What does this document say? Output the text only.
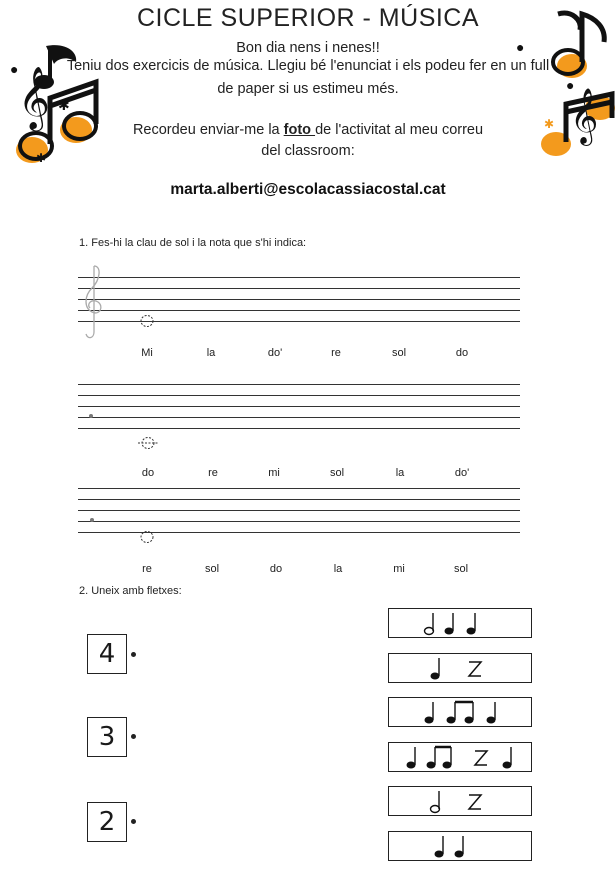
𝄞
●
✱
✱
𝄞
●
●
✱
CICLE SUPERIOR - MÚSICA
Bon dia nens i nenes!!
Teniu dos exercicis de música. Llegiu bé l'enunciat i els podeu fer en un full
de paper si us estimeu més.
Recordeu enviar-me la foto de l'activitat al meu correu
del classroom:
marta.alberti@escolacassiacostal.cat
1. Fes-hi la clau de sol i la nota que s'hi indica:
Mi	la	do'	re	sol	do
do	re	mi	sol	la	do'
re	sol	do	la	mi	sol
2. Uneix amb fletxes:
4
3
2
